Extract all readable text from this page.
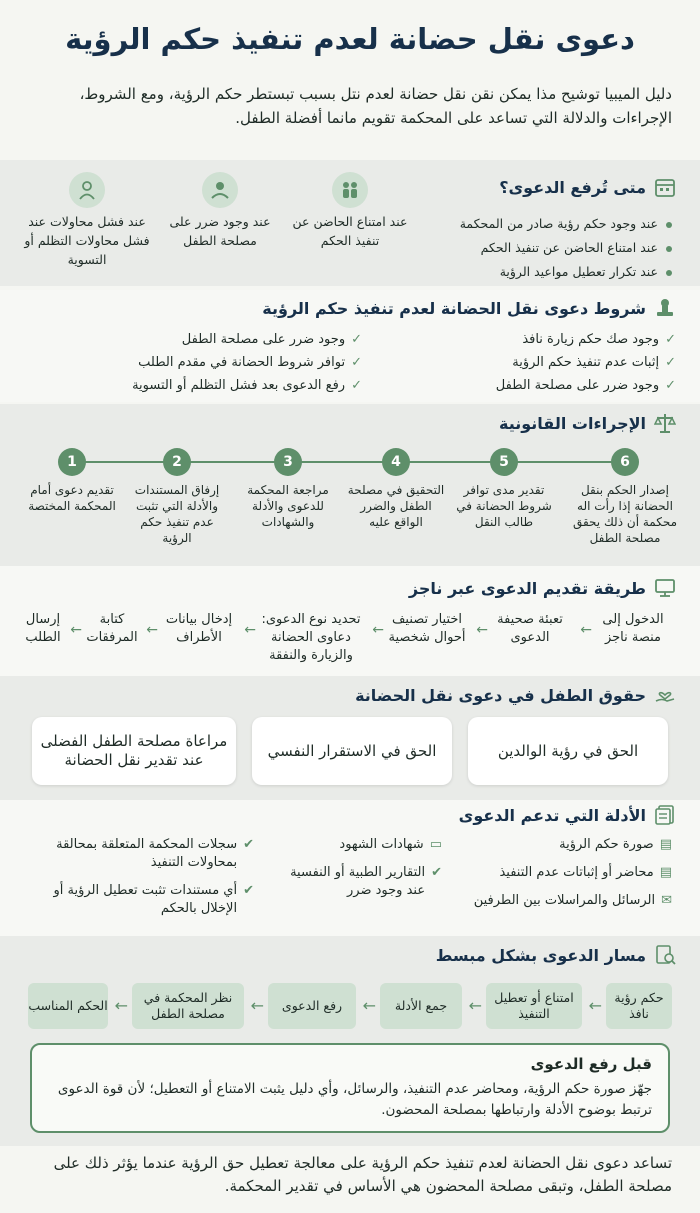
دعوى نقل حضانة لعدم تنفيذ حكم الرؤية
دليل الميبيا توشيح مذا يمكن نقن نقل حضانة لعدم نتل بسبب تبستطر حكم الرؤية، ومع الشروط، الإجراءات والدلالة التي تساعد على المحكمة تقويم مانما أفضلة الطفل.
متى تُرفع الدعوى؟
عند وجود حكم رؤية صادر من المحكمة
عند امتناع الحاضن عن تنفيذ الحكم
عند تكرار تعطيل مواعيد الرؤية
عند امتناع الحاضن عن تنفيذ الحكم
عند وجود ضرر على مصلحة الطفل
عند فشل محاولات عند فشل محاولات التظلم أو التسوية
شروط دعوى نقل الحضانة لعدم تنفيذ حكم الرؤية
✓
وجود صك حكم زيارة نافذ
✓
إثبات عدم تنفيذ حكم الرؤية
✓
وجود ضرر على مصلحة الطفل
✓
وجود ضرر على مصلحة الطفل
✓
توافر شروط الحضانة في مقدم الطلب
✓
رفع الدعوى بعد فشل التظلم أو التسوية
الإجراءات القانونية
1
تقديم دعوى أمام المحكمة المختصة
2
إرفاق المستندات والأدلة التي تثبت عدم تنفيذ حكم الرؤية
3
مراجعة المحكمة للدعوى والأدلة والشهادات
4
التحقيق في مصلحة الطفل والضرر الواقع عليه
5
تقدير مدى توافر شروط الحضانة في طالب النقل
6
إصدار الحكم بنقل الحضانة إذا رأت اله محكمة أن ذلك يحقق مصلحة الطفل
طريقة تقديم الدعوى عبر ناجز
الدخول إلى منصة ناجز
←
تعبئة صحيفة الدعوى
←
اختيار تصنيف أحوال شخصية
←
تحديد نوع الدعوى: دعاوى الحضانة والزيارة والنفقة
←
إدخال بيانات الأطراف
←
كتابة المرفقات
←
إرسال الطلب
حقوق الطفل في دعوى نقل الحضانة
الحق في رؤية الوالدين
الحق في الاستقرار النفسي
مراعاة مصلحة الطفل الفضلى عند تقدير نقل الحضانة
الأدلة التي تدعم الدعوى
▤
صورة حكم الرؤية
▤
محاضر أو إثباتات عدم التنفيذ
✉
الرسائل والمراسلات بين الطرفين
▭
شهادات الشهود
✔
التقارير الطبية أو النفسية عند وجود ضرر
✔
سجلات المحكمة المتعلقة بمحالقة بمحاولات التنفيذ
✔
أي مستندات تثبت تعطيل الرؤية أو الإخلال بالحكم
مسار الدعوى بشكل مبسط
حكم رؤية نافذ
←
امتناع أو تعطيل التنفيذ
←
جمع الأدلة
←
رفع الدعوى
←
نظر المحكمة في مصلحة الطفل
←
الحكم المناسب
قبل رفع الدعوى

جهّز صورة حكم الرؤية، ومحاضر عدم التنفيذ، والرسائل، وأي دليل يثبت الامتناع أو التعطيل؛ لأن قوة الدعوى ترتبط بوضوح الأدلة وارتباطها بمصلحة المحضون.

تساعد دعوى نقل الحضانة لعدم تنفيذ حكم الرؤية على معالجة تعطيل حق الرؤية عندما يؤثر ذلك على مصلحة الطفل، وتبقى مصلحة المحضون هي الأساس في تقدير المحكمة.
